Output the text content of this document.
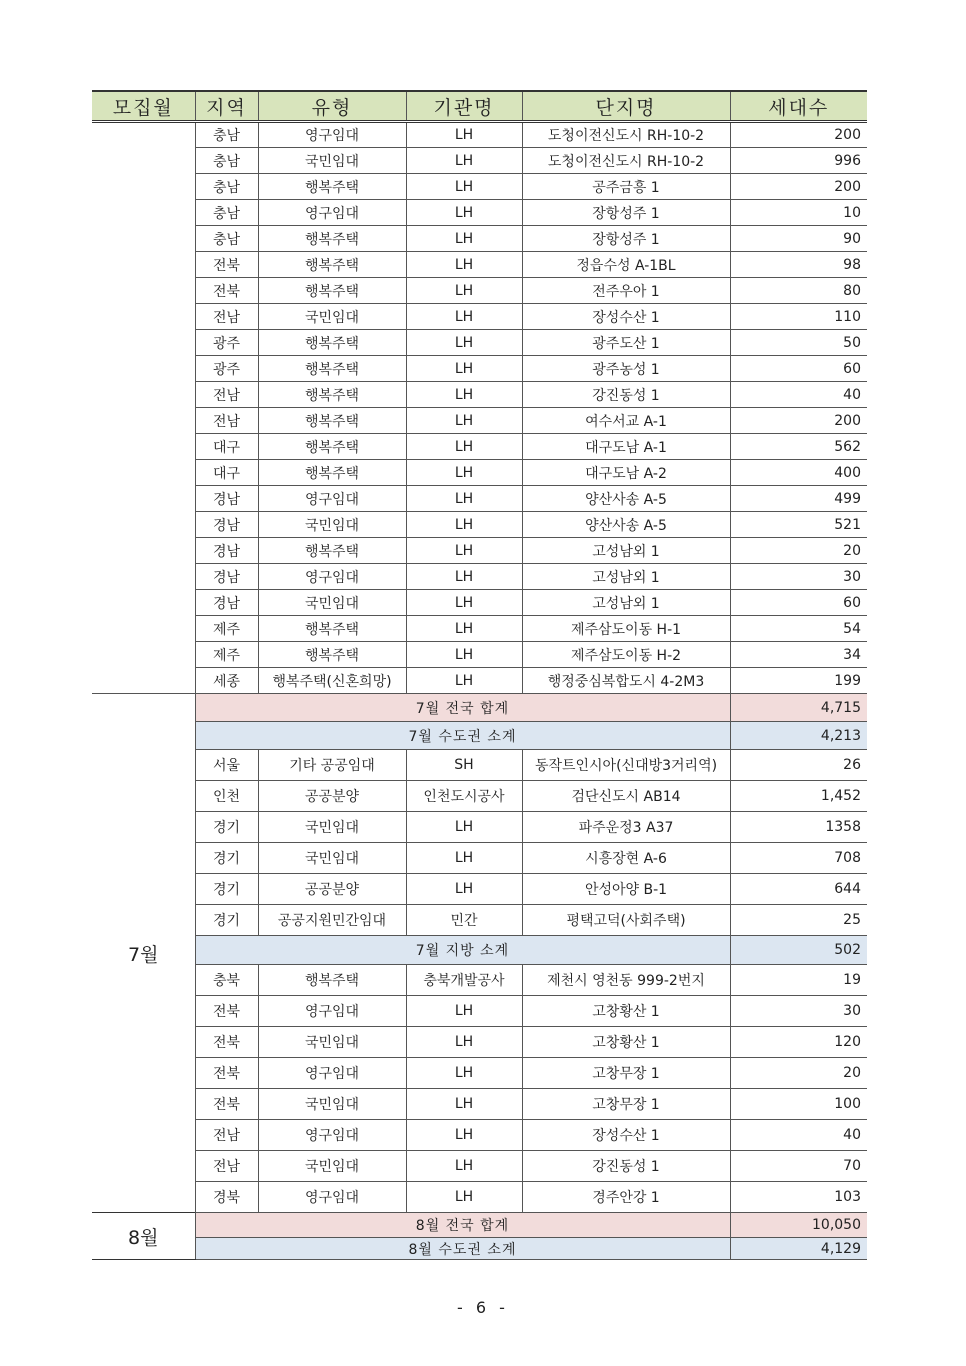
모집월	지역	유형	기관명	단지명	세대수
	충남	영구임대	LH	도청이전신도시 RH-10-2	200
	충남	국민임대	LH	도청이전신도시 RH-10-2	996
	충남	행복주택	LH	공주금흥 1	200
	충남	영구임대	LH	장항성주 1	10
	충남	행복주택	LH	장항성주 1	90
	전북	행복주택	LH	정읍수성 A-1BL	98
	전북	행복주택	LH	전주우아 1	80
	전남	국민임대	LH	장성수산 1	110
	광주	행복주택	LH	광주도산 1	50
	광주	행복주택	LH	광주농성 1	60
	전남	행복주택	LH	강진동성 1	40
	전남	행복주택	LH	여수서교 A-1	200
	대구	행복주택	LH	대구도남 A-1	562
	대구	행복주택	LH	대구도남 A-2	400
	경남	영구임대	LH	양산사송 A-5	499
	경남	국민임대	LH	양산사송 A-5	521
	경남	행복주택	LH	고성남외 1	20
	경남	영구임대	LH	고성남외 1	30
	경남	국민임대	LH	고성남외 1	60
	제주	행복주택	LH	제주삼도이동 H-1	54
	제주	행복주택	LH	제주삼도이동 H-2	34
	세종	행복주택(신혼희망)	LH	행정중심복합도시 4-2M3	199
7월	7월 전국 합계				4,715
	7월 수도권 소계				4,213
	서울	기타 공공임대	SH	동작트인시아(신대방3거리역)	26
	인천	공공분양	인천도시공사	검단신도시 AB14	1,452
	경기	국민임대	LH	파주운정3 A37	1358
	경기	국민임대	LH	시흥장현 A-6	708
	경기	공공분양	LH	안성아양 B-1	644
	경기	공공지원민간임대	민간	평택고덕(사회주택)	25
	7월 지방 소계				502
	충북	행복주택	충북개발공사	제천시 영천동 999-2번지	19
	전북	영구임대	LH	고창황산 1	30
	전북	국민임대	LH	고창황산 1	120
	전북	영구임대	LH	고창무장 1	20
	전북	국민임대	LH	고창무장 1	100
	전남	영구임대	LH	장성수산 1	40
	전남	국민임대	LH	강진동성 1	70
	경북	영구임대	LH	경주안강 1	103
8월	8월 전국 합계				10,050
	8월 수도권 소계				4,129
- 6 -
